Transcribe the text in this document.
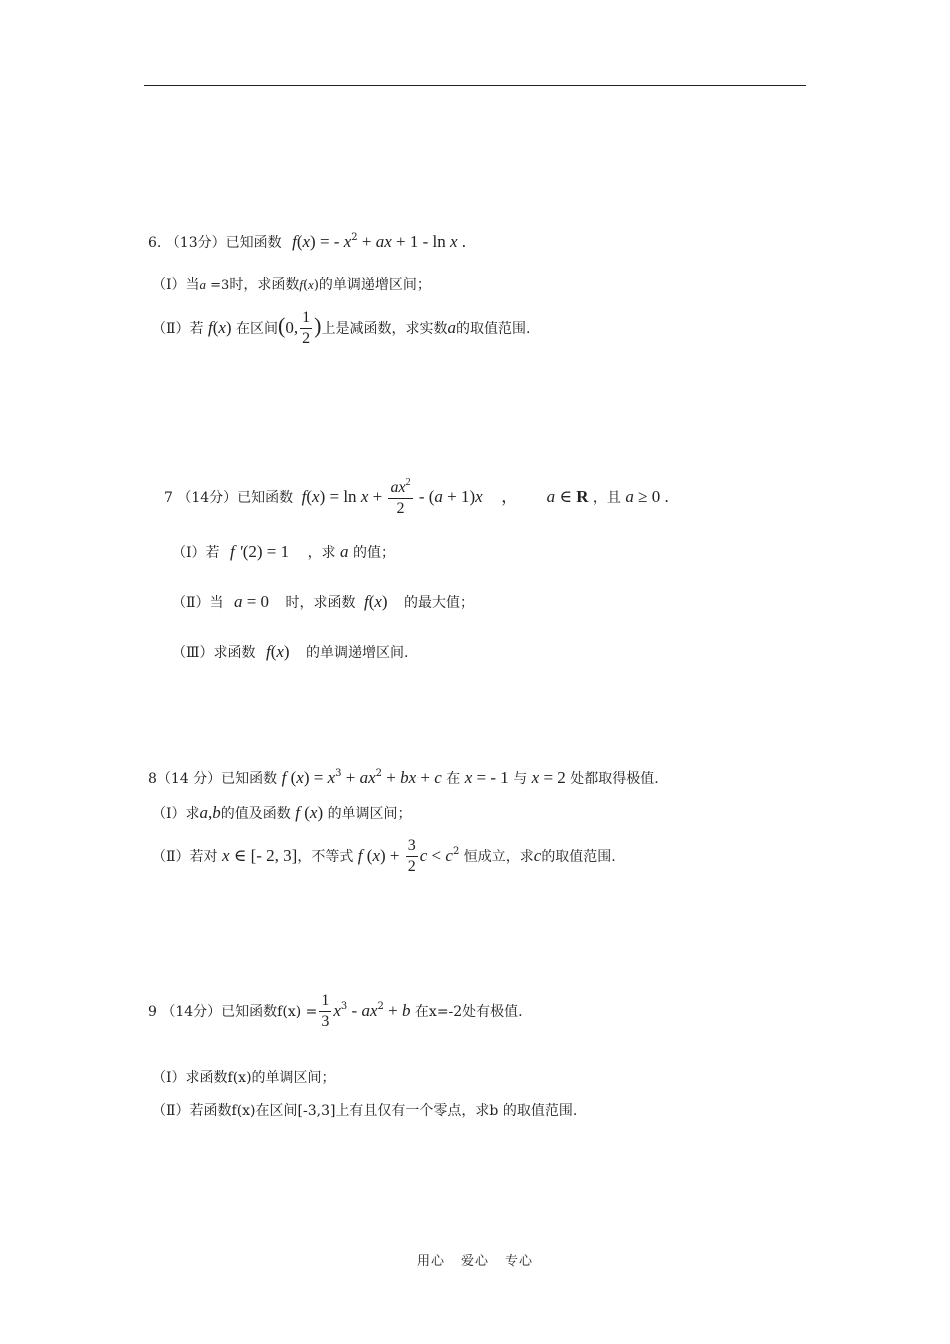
6. （13分）已知函数 f(x) = - $x^2$ + ax + 1 - ln x .
（Ⅰ）当a =3时，求函数f(x)的单调递增区间；
（Ⅱ）若 f(x) 在区间(0, $\frac{1}{2}$ )上是减函数，求实数a的取值范围.
7 （14分）已知函数 $f(x) = \ln x + \frac{ax^2}{2} - (a + 1)x$ ， a ∈ R ，且 a ≥ 0 .
（Ⅰ）若 f ′(2) = 1 ，求 a 的值；
（Ⅱ）当 a = 0 时，求函数 f(x) 的最大值；
（Ⅲ）求函数 f(x) 的单调递增区间.
8（14 分）已知函数 f $(x) = x^3 + ax^2$ + bx + c 在 x = - 1 与 x = 2 处都取得极值.
（Ⅰ）求a,b的值及函数 f (x) 的单调区间；
（Ⅱ）若对 x ∈ [- 2, 3]，不等式 f $(x) + \frac{3}{2}$ $c < c^2$ 恒成立，求c的取值范围.
9 （14分）已知函数$f(x) = \frac{1}{3} x^3 - ax^2 + b$ 在x=-2处有极值.
（Ⅰ）求函数f(x)的单调区间；
（Ⅱ）若函数f(x)在区间[-3,3]上有且仅有一个零点，求b 的取值范围.
用心 爱心 专心
